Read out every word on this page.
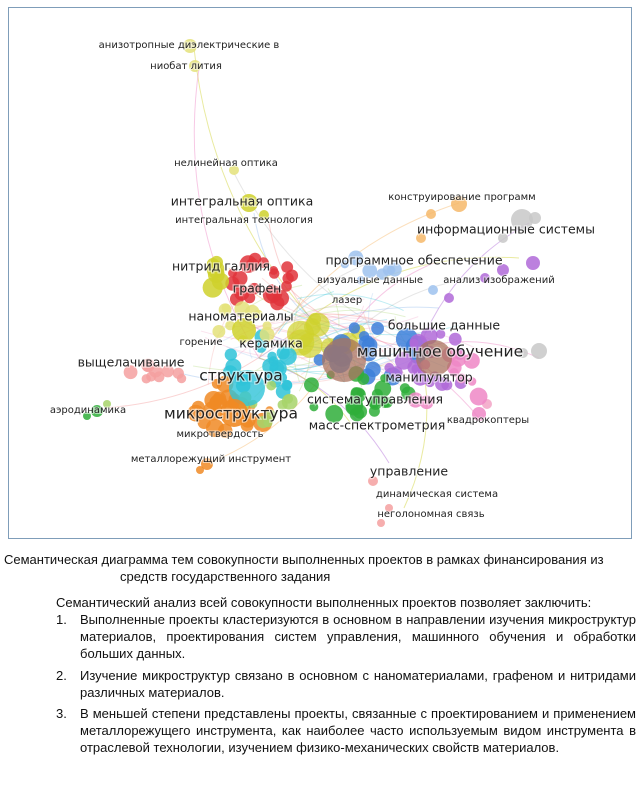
анизотропные диэлектрические в
ниобат лития
нелинейная оптика
интегральная оптика
интегральная технология
конструирование программ
информационные системы
программное обеспечение
нитрид галлия
визуальные данные анализ изображений
графен
лазер
наноматериалы
большие данные
горение керамика	машинное обучение
выщелачивание
структура	манипулятор
система управления
аэродинамика микроструктура	квадрокоптеры
масс-спектрометрия
микротвердость
металлорежущий инструмент
управление
динамическая система
неголономная связь
Семантическая диаграмма тем совокупности выполненных проектов в рамках финансирования из
средств государственного задания
Семантический анализ всей совокупности выполненных проектов позволяет заключить:
1. Выполненные проекты кластеризуются в основном в направлении изучения микроструктур материалов, проектирования систем управления, машинного обучения и обработки больших данных.
2. Изучение микроструктур связано в основном с наноматериалами, графеном и нитридами различных материалов.
3. В меньшей степени представлены проекты, связанные с проектированием и применением металлорежущего инструмента, как наиболее часто используемым видом инструмента в отраслевой технологии, изучением физико-механических свойств материалов.
